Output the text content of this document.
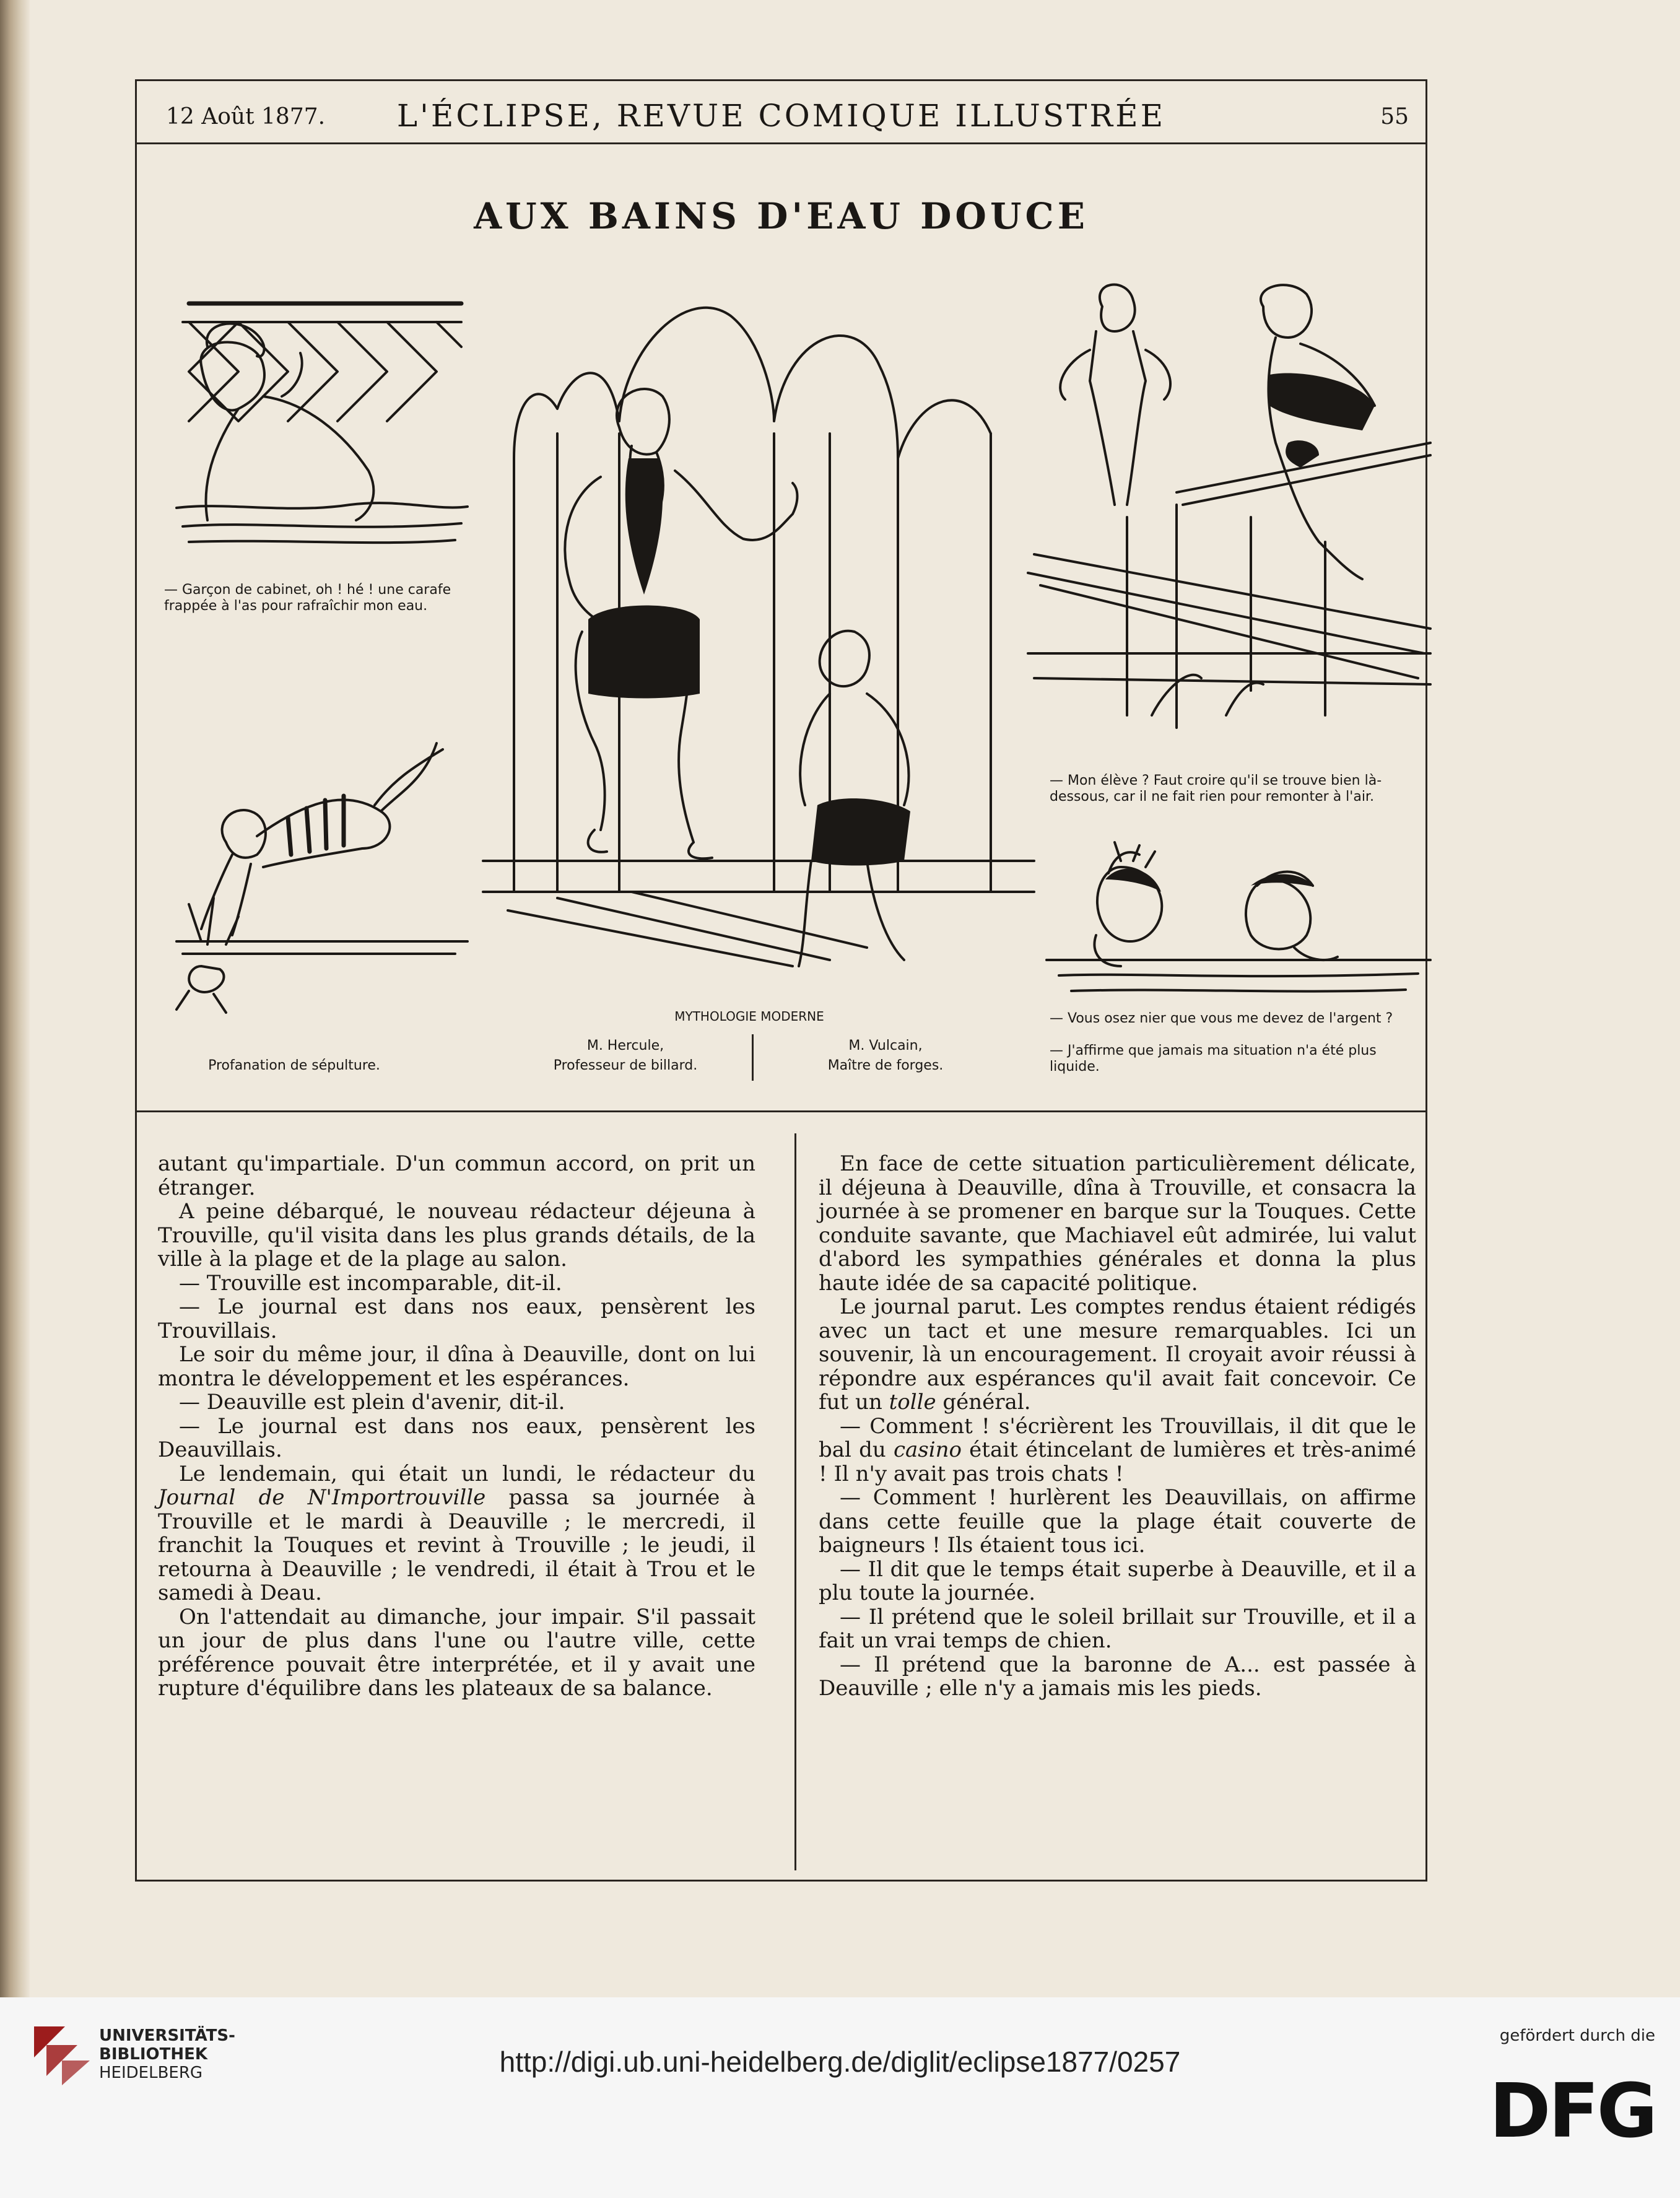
12 Août 1877.	L'ÉCLIPSE, REVUE COMIQUE ILLUSTRÉE	55
AUX BAINS D'EAU DOUCE
— Garçon de cabinet, oh ! hé ! une carafe frappée à l'as pour rafraîchir mon eau.
Profanation de sépulture.
MYTHOLOGIE MODERNE
M. Hercule,
Professeur de billard.
M. Vulcain,
Maître de forges.
— Mon élève ? Faut croire qu'il se trouve bien là-dessous, car il ne fait rien pour remonter à l'air.
— Vous osez nier que vous me devez de l'argent ?
— J'affirme que jamais ma situation n'a été plus liquide.

autant qu'impartiale. D'un commun accord, on prit un étranger.

A peine débarqué, le nouveau rédacteur déjeuna à Trouville, qu'il visita dans les plus grands détails, de la ville à la plage et de la plage au salon.

— Trouville est incomparable, dit-il.

— Le journal est dans nos eaux, pensèrent les Trouvillais.

Le soir du même jour, il dîna à Deauville, dont on lui montra le développement et les espérances.

— Deauville est plein d'avenir, dit-il.

— Le journal est dans nos eaux, pensèrent les Deauvillais.

Le lendemain, qui était un lundi, le rédacteur du Journal de N'Importrouville passa sa journée à Trouville et le mardi à Deauville ; le mercredi, il franchit la Touques et revint à Trouville ; le jeudi, il retourna à Deauville ; le vendredi, il était à Trou et le samedi à Deau.

On l'attendait au dimanche, jour impair. S'il passait un jour de plus dans l'une ou l'autre ville, cette préférence pouvait être interprétée, et il y avait une rupture d'équilibre dans les plateaux de sa balance.

En face de cette situation particulièrement délicate, il déjeuna à Deauville, dîna à Trouville, et consacra la journée à se promener en barque sur la Touques. Cette conduite savante, que Machiavel eût admirée, lui valut d'abord les sympathies générales et donna la plus haute idée de sa capacité politique.

Le journal parut. Les comptes rendus étaient rédigés avec un tact et une mesure remarquables. Ici un souvenir, là un encouragement. Il croyait avoir réussi à répondre aux espérances qu'il avait fait concevoir. Ce fut un tolle général.

— Comment ! s'écrièrent les Trouvillais, il dit que le bal du casino était étincelant de lumières et très-animé ! Il n'y avait pas trois chats !

— Comment ! hurlèrent les Deauvillais, on affirme dans cette feuille que la plage était couverte de baigneurs ! Ils étaient tous ici.

— Il dit que le temps était superbe à Deauville, et il a plu toute la journée.

— Il prétend que le soleil brillait sur Trouville, et il a fait un vrai temps de chien.

— Il prétend que la baronne de A... est passée à Deauville ; elle n'y a jamais mis les pieds.

UNIVERSITÄTS-
BIBLIOTHEK
HEIDELBERG	http://digi.ub.uni-heidelberg.de/diglit/eclipse1877/0257
gefördert durch die
DFG
